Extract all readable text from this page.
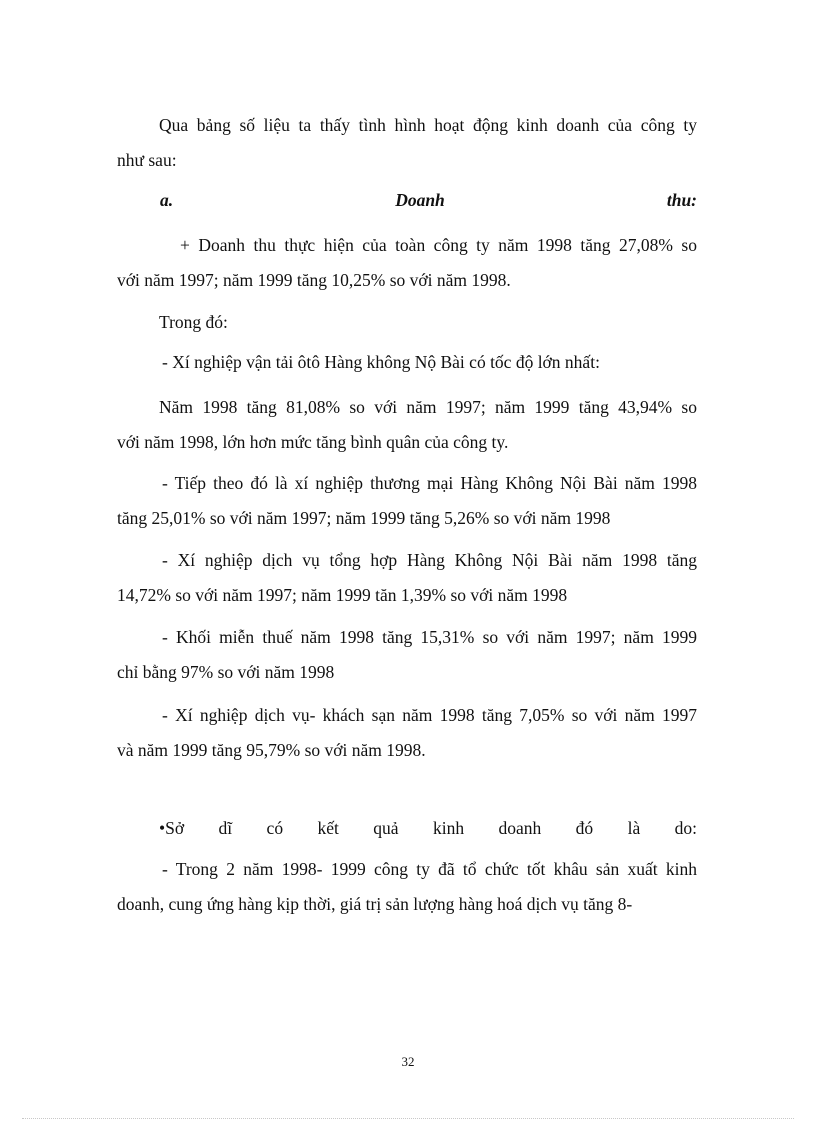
Qua bảng số liệu ta thấy tình hình hoạt động kinh doanh của công ty
như sau:

a.	Doanh	thu:

+ Doanh thu thực hiện của toàn công ty năm 1998 tăng 27,08% so
với năm 1997; năm 1999 tăng 10,25% so với năm 1998.

Trong đó:

- Xí nghiệp vận tải ôtô Hàng không Nộ Bài có tốc độ lớn nhất:

Năm 1998 tăng 81,08% so với năm 1997; năm 1999 tăng 43,94% so
với năm 1998, lớn hơn mức tăng bình quân của công ty.

- Tiếp theo đó là xí nghiệp thương mại Hàng Không Nội Bài năm 1998
tăng 25,01% so với năm 1997; năm 1999 tăng 5,26% so với năm 1998

- Xí nghiệp dịch vụ tổng hợp Hàng Không Nội Bài năm 1998 tăng
14,72% so với năm 1997; năm 1999 tăn 1,39% so với năm 1998

- Khối miễn thuế năm 1998 tăng 15,31% so với năm 1997; năm 1999
chỉ bằng 97% so với năm 1998

- Xí nghiệp dịch vụ- khách sạn năm 1998 tăng 7,05% so với năm 1997
và năm 1999 tăng 95,79% so với năm 1998.

•Sở dĩ có kết quả kinh doanh đó là do:

- Trong 2 năm 1998- 1999 công ty đã tổ chức tốt khâu sản xuất kinh
doanh, cung ứng hàng kịp thời, giá trị sản lượng hàng hoá dịch vụ tăng 8-

32
